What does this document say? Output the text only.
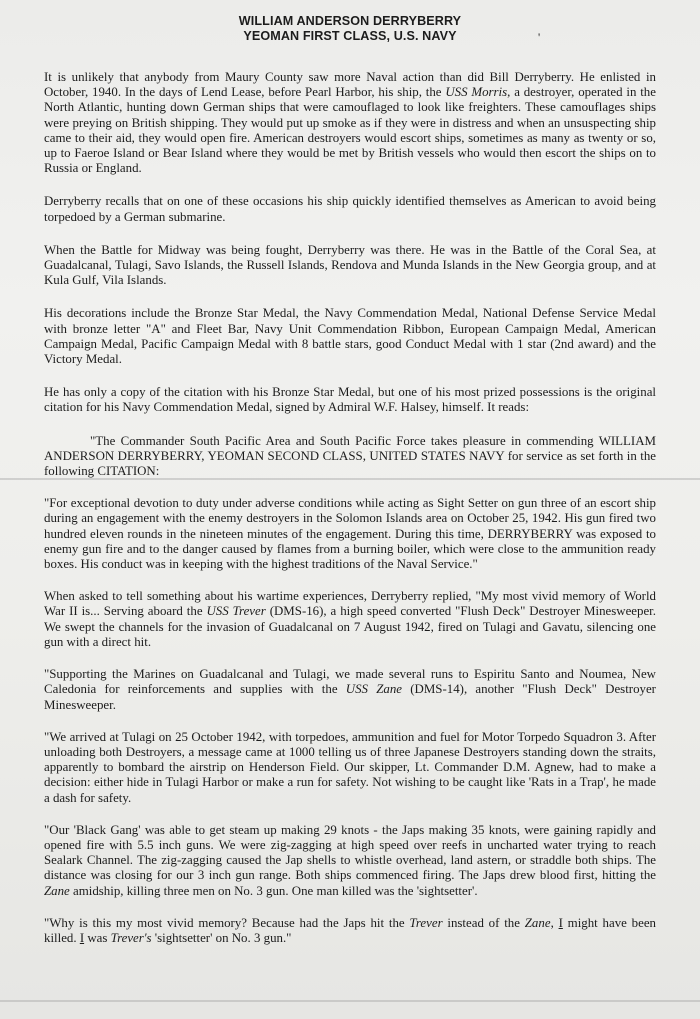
'
WILLIAM ANDERSON DERRYBERRY
YEOMAN FIRST CLASS, U.S. NAVY

It is unlikely that anybody from Maury County saw more Naval action than did Bill Derryberry. He enlisted in October, 1940. In the days of Lend Lease, before Pearl Harbor, his ship, the USS Morris, a destroyer, operated in the North Atlantic, hunting down German ships that were camouflaged to look like freighters. These camouflages ships were preying on British shipping. They would put up smoke as if they were in distress and when an unsuspecting ship came to their aid, they would open fire. American destroyers would escort ships, sometimes as many as twenty or so, up to Faeroe Island or Bear Island where they would be met by British vessels who would then escort the ships on to Russia or England.

Derryberry recalls that on one of these occasions his ship quickly identified themselves as American to avoid being torpedoed by a German submarine.

When the Battle for Midway was being fought, Derryberry was there. He was in the Battle of the Coral Sea, at Guadalcanal, Tulagi, Savo Islands, the Russell Islands, Rendova and Munda Islands in the New Georgia group, and at Kula Gulf, Vila Islands.

His decorations include the Bronze Star Medal, the Navy Commendation Medal, National Defense Service Medal with bronze letter "A" and Fleet Bar, Navy Unit Commendation Ribbon, European Campaign Medal, American Campaign Medal, Pacific Campaign Medal with 8 battle stars, good Conduct Medal with 1 star (2nd award) and the Victory Medal.

He has only a copy of the citation with his Bronze Star Medal, but one of his most prized possessions is the original citation for his Navy Commendation Medal, signed by Admiral W.F. Halsey, himself. It reads:

"The Commander South Pacific Area and South Pacific Force takes pleasure in commending WILLIAM ANDERSON DERRYBERRY, YEOMAN SECOND CLASS, UNITED STATES NAVY for service as set forth in the following CITATION:

"For exceptional devotion to duty under adverse conditions while acting as Sight Setter on gun three of an escort ship during an engagement with the enemy destroyers in the Solomon Islands area on October 25, 1942. His gun fired two hundred eleven rounds in the nineteen minutes of the engagement. During this time, DERRYBERRY was exposed to enemy gun fire and to the danger caused by flames from a burning boiler, which were close to the ammunition ready boxes. His conduct was in keeping with the highest traditions of the Naval Service."

When asked to tell something about his wartime experiences, Derryberry replied, "My most vivid memory of World War II is... Serving aboard the USS Trever (DMS-16), a high speed converted "Flush Deck" Destroyer Minesweeper. We swept the channels for the invasion of Guadalcanal on 7 August 1942, fired on Tulagi and Gavatu, silencing one gun with a direct hit.

"Supporting the Marines on Guadalcanal and Tulagi, we made several runs to Espiritu Santo and Noumea, New Caledonia for reinforcements and supplies with the USS Zane (DMS-14), another "Flush Deck" Destroyer Minesweeper.

"We arrived at Tulagi on 25 October 1942, with torpedoes, ammunition and fuel for Motor Torpedo Squadron 3. After unloading both Destroyers, a message came at 1000 telling us of three Japanese Destroyers standing down the straits, apparently to bombard the airstrip on Henderson Field. Our skipper, Lt. Commander D.M. Agnew, had to make a decision: either hide in Tulagi Harbor or make a run for safety. Not wishing to be caught like 'Rats in a Trap', he made a dash for safety.

"Our 'Black Gang' was able to get steam up making 29 knots - the Japs making 35 knots, were gaining rapidly and opened fire with 5.5 inch guns. We were zig-zagging at high speed over reefs in uncharted water trying to reach Sealark Channel. The zig-zagging caused the Jap shells to whistle overhead, land astern, or straddle both ships. The distance was closing for our 3 inch gun range. Both ships commenced firing. The Japs drew blood first, hitting the Zane amidship, killing three men on No. 3 gun. One man killed was the 'sightsetter'.

"Why is this my most vivid memory? Because had the Japs hit the Trever instead of the Zane, I might have been killed. I was Trever's 'sightsetter' on No. 3 gun."
